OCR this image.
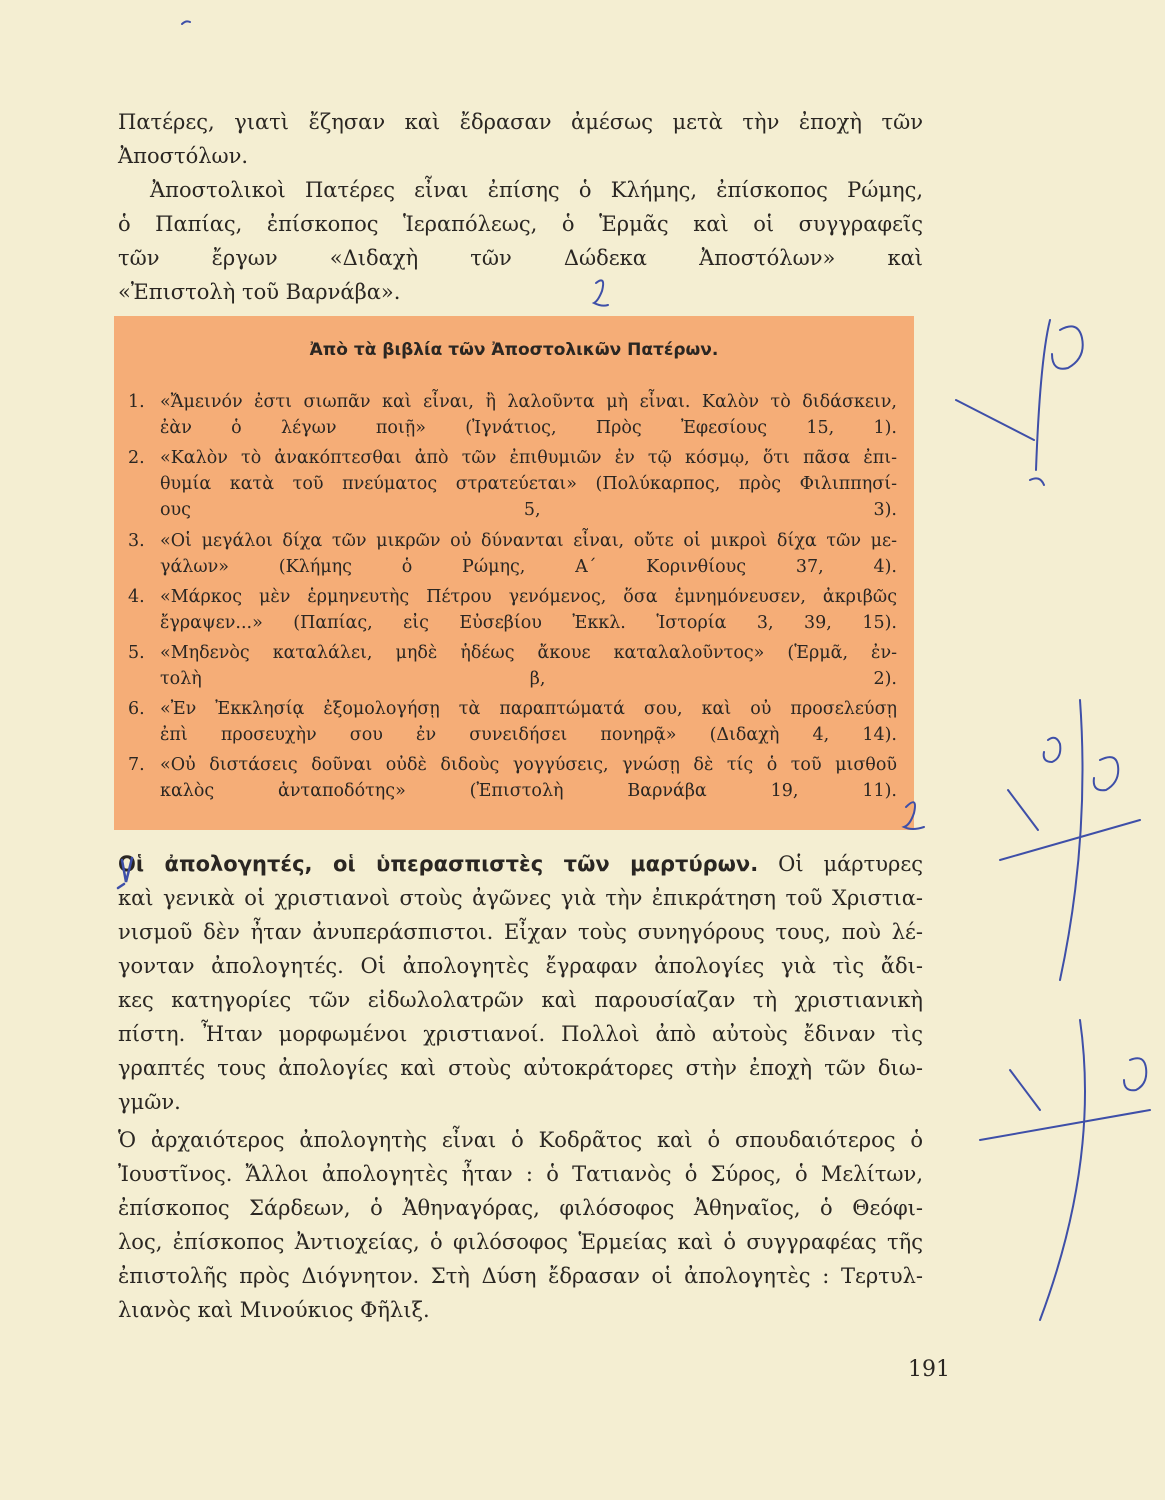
Πατέρες, γιατὶ ἔζησαν καὶ ἔδρασαν ἀμέσως μετὰ τὴν ἐποχὴ τῶν
Ἀποστόλων.
Ἀποστολικοὶ Πατέρες εἶναι ἐπίσης ὁ Κλήμης, ἐπίσκοπος Ρώμης,
ὁ Παπίας, ἐπίσκοπος Ἱεραπόλεως, ὁ Ἑρμᾶς καὶ οἱ συγγραφεῖς
τῶν ἔργων «Διδαχὴ τῶν Δώδεκα Ἀποστόλων» καὶ
«Ἐπιστολὴ τοῦ Βαρνάβα».
Ἀπὸ τὰ βιβλία τῶν Ἀποστολικῶν Πατέρων.
1. «Ἄμεινόν ἐστι σιωπᾶν καὶ εἶναι, ἢ λαλοῦντα μὴ εἶναι. Καλὸν τὸ διδάσκειν,
ἐὰν ὁ λέγων ποιῇ» (Ἰγνάτιος, Πρὸς Ἐφεσίους 15, 1).
2. «Καλὸν τὸ ἀνακόπτεσθαι ἀπὸ τῶν ἐπιθυμιῶν ἐν τῷ κόσμῳ, ὅτι πᾶσα ἐπι-
θυμία κατὰ τοῦ πνεύματος στρατεύεται» (Πολύκαρπος, πρὸς Φιλιππησί-
ους 5, 3).
3. «Οἱ μεγάλοι δίχα τῶν μικρῶν οὐ δύνανται εἶναι, οὔτε οἱ μικροὶ δίχα τῶν με-
γάλων» (Κλήμης ὁ Ρώμης, Α΄ Κορινθίους 37, 4).
4. «Μάρκος μὲν ἑρμηνευτὴς Πέτρου γενόμενος, ὅσα ἐμνημόνευσεν, ἀκριβῶς
ἔγραψεν...» (Παπίας, εἰς Εὐσεβίου Ἐκκλ. Ἱστορία 3, 39, 15).
5. «Μηδενὸς καταλάλει, μηδὲ ἡδέως ἄκουε καταλαλοῦντος» (Ἑρμᾶ, ἐν-
τολὴ β, 2).
6. «Ἐν Ἐκκλησίᾳ ἐξομολογήσῃ τὰ παραπτώματά σου, καὶ οὐ προσελεύσῃ
ἐπὶ προσευχὴν σου ἐν συνειδήσει πονηρᾷ» (Διδαχὴ 4, 14).
7. «Οὐ διστάσεις δοῦναι οὐδὲ διδοὺς γογγύσεις, γνώσῃ δὲ τίς ὁ τοῦ μισθοῦ
καλὸς ἀνταποδότης» (Ἐπιστολὴ Βαρνάβα 19, 11).
Οἱ ἀπολογητές, οἱ ὑπερασπιστὲς τῶν μαρτύρων. Οἱ μάρτυρες
καὶ γενικὰ οἱ χριστιανοὶ στοὺς ἀγῶνες γιὰ τὴν ἐπικράτηση τοῦ Χριστια-
νισμοῦ δὲν ἦταν ἀνυπεράσπιστοι. Εἶχαν τοὺς συνηγόρους τους, ποὺ λέ-
γονταν ἀπολογητές. Οἱ ἀπολογητὲς ἔγραφαν ἀπολογίες γιὰ τὶς ἄδι-
κες κατηγορίες τῶν εἰδωλολατρῶν καὶ παρουσίαζαν τὴ χριστιανικὴ
πίστη. Ἦταν μορφωμένοι χριστιανοί. Πολλοὶ ἀπὸ αὐτοὺς ἔδιναν τὶς
γραπτές τους ἀπολογίες καὶ στοὺς αὐτοκράτορες στὴν ἐποχὴ τῶν διω-
γμῶν.
Ὁ ἀρχαιότερος ἀπολογητὴς εἶναι ὁ Κοδρᾶτος καὶ ὁ σπουδαιότερος ὁ
Ἰουστῖνος. Ἄλλοι ἀπολογητὲς ἦταν : ὁ Τατιανὸς ὁ Σύρος, ὁ Μελίτων,
ἐπίσκοπος Σάρδεων, ὁ Ἀθηναγόρας, φιλόσοφος Ἀθηναῖος, ὁ Θεόφι-
λος, ἐπίσκοπος Ἀντιοχείας, ὁ φιλόσοφος Ἑρμείας καὶ ὁ συγγραφέας τῆς
ἐπιστολῆς πρὸς Διόγνητον. Στὴ Δύση ἔδρασαν οἱ ἀπολογητὲς : Τερτυλ-
λιανὸς καὶ Μινούκιος Φῆλιξ.
191
